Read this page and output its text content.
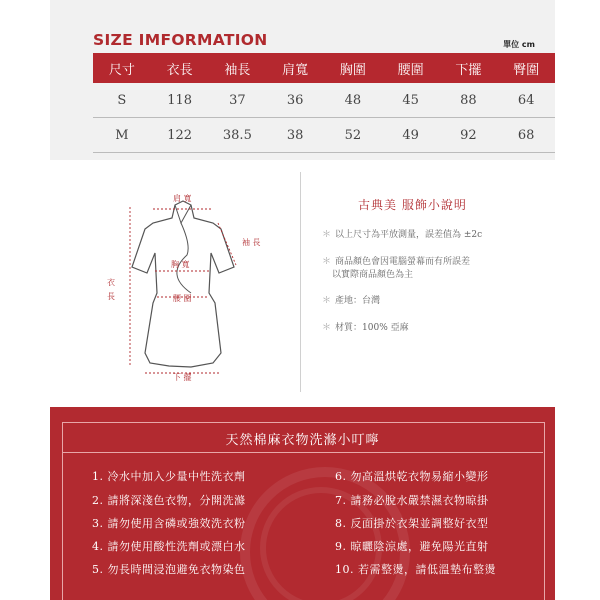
SIZE IMFORMATION	單位 cm
尺寸	衣長	袖長	肩寬	胸圍	腰圍	下擺	臀圍
S	118	37	36	48	45	88	64
M	122	38.5	38	52	49	92	68
肩 寬
袖 長
胸 寬
衣
長	腰 圍
下 擺
古典美 服飾小說明
＊ 以上尺寸為平放測量，誤差值為 ±2c
＊ 商品顏色會因電腦螢幕而有所誤差
以實際商品顏色為主
＊ 產地：台灣
＊ 材質：100% 亞麻
天然棉麻衣物洗滌小叮嚀
1. 冷水中加入少量中性洗衣劑
2. 請將深淺色衣物，分開洗滌
3. 請勿使用含磷或強效洗衣粉
4. 請勿使用酸性洗劑或漂白水
5. 勿長時間浸泡避免衣物染色
6. 勿高溫烘乾衣物易縮小變形
7. 請務必脫水嚴禁濕衣物晾掛
8. 反面掛於衣架並調整好衣型
9. 晾曬陰涼處，避免陽光直射
10. 若需整燙，請低溫墊布整燙
